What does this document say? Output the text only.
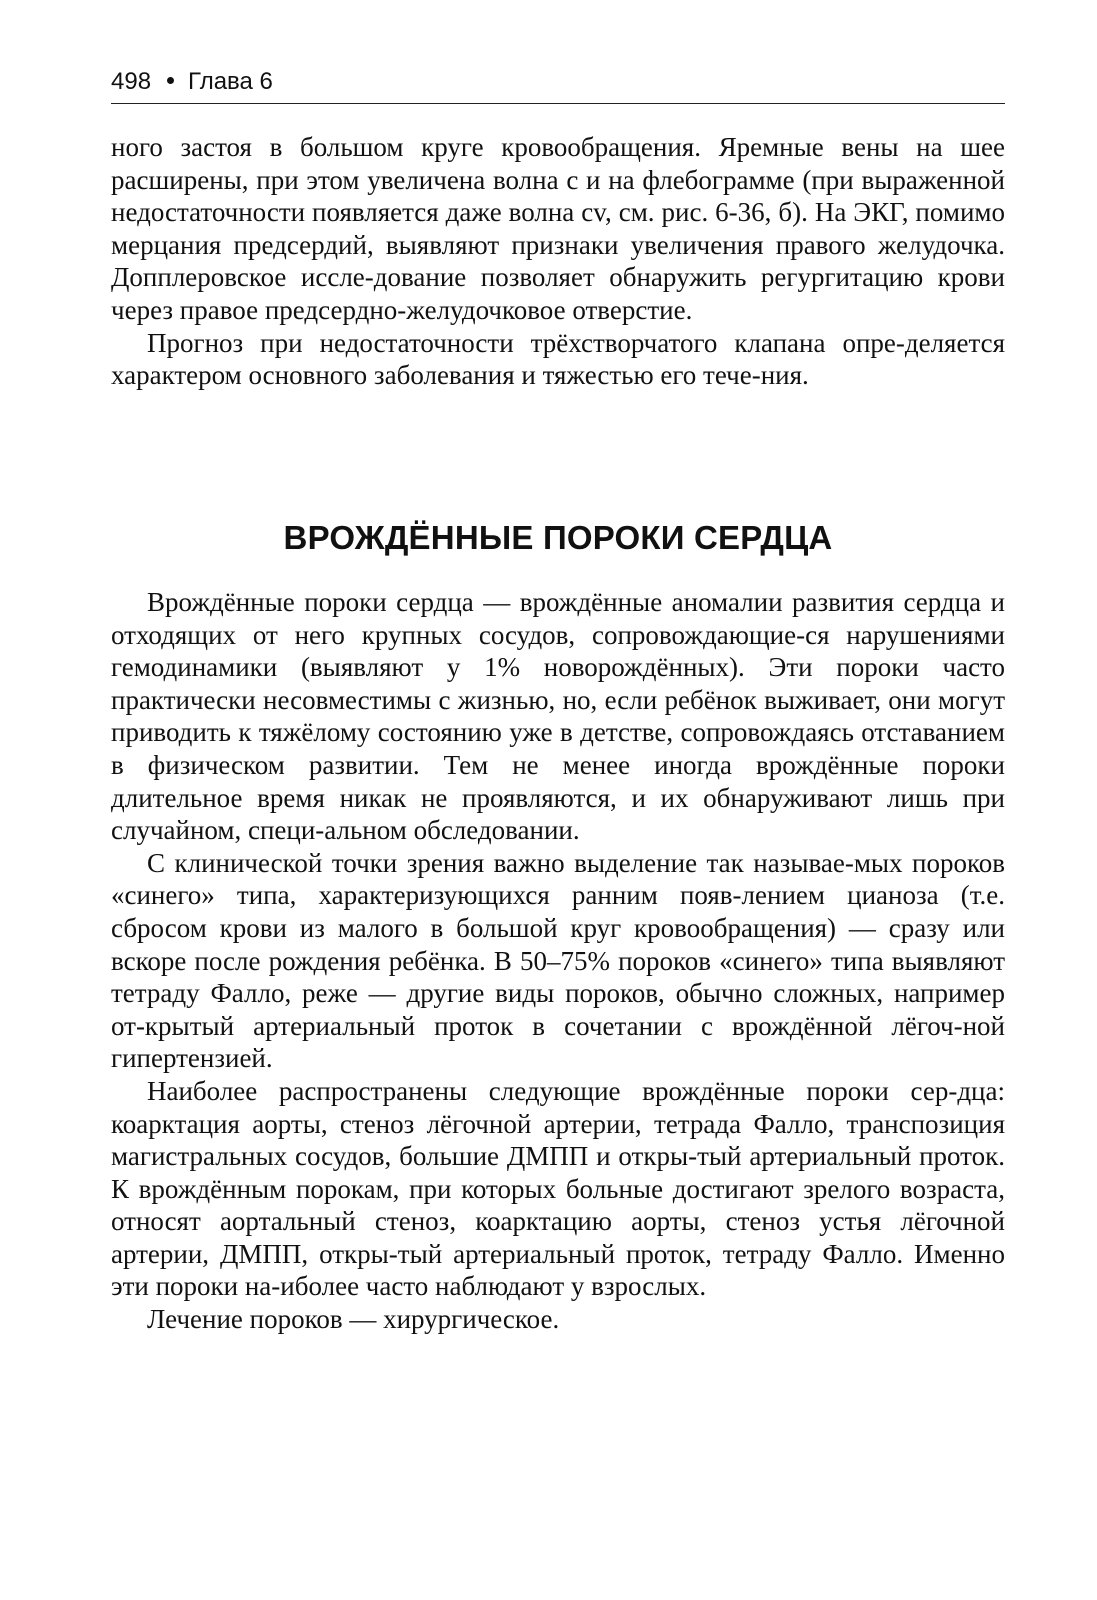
498 Глава 6

ного застоя в большом круге кровообращения. Яремные вены на шее расширены, при этом увеличена волна c и на флебограмме (при выраженной недостаточности появляется даже волна cv, см. рис. 6-36, б). На ЭКГ, помимо мерцания предсердий, выявляют признаки увеличения правого желудочка. Допплеровское иссле-дование позволяет обнаружить регургитацию крови через правое предсердно-желудочковое отверстие.

Прогноз при недостаточности трёхстворчатого клапана опре-деляется характером основного заболевания и тяжестью его тече-ния.

ВРОЖДЁННЫЕ ПОРОКИ СЕРДЦА

Врождённые пороки сердца — врождённые аномалии развития сердца и отходящих от него крупных сосудов, сопровождающие-ся нарушениями гемодинамики (выявляют у 1% новорождённых). Эти пороки часто практически несовместимы с жизнью, но, если ребёнок выживает, они могут приводить к тяжёлому состоянию уже в детстве, сопровождаясь отставанием в физическом развитии. Тем не менее иногда врождённые пороки длительное время никак не проявляются, и их обнаруживают лишь при случайном, специ-альном обследовании.

С клинической точки зрения важно выделение так называе-мых пороков «синего» типа, характеризующихся ранним появ-лением цианоза (т.е. сбросом крови из малого в большой круг кровообращения) — сразу или вскоре после рождения ребёнка. В 50–75% пороков «синего» типа выявляют тетраду Фалло, реже — другие виды пороков, обычно сложных, например от-крытый артериальный проток в сочетании с врождённой лёгоч-ной гипертензией.

Наиболее распространены следующие врождённые пороки сер-дца: коарктация аорты, стеноз лёгочной артерии, тетрада Фалло, транспозиция магистральных сосудов, большие ДМПП и откры-тый артериальный проток. К врождённым порокам, при которых больные достигают зрелого возраста, относят аортальный стеноз, коарктацию аорты, стеноз устья лёгочной артерии, ДМПП, откры-тый артериальный проток, тетраду Фалло. Именно эти пороки на-иболее часто наблюдают у взрослых.

Лечение пороков — хирургическое.
